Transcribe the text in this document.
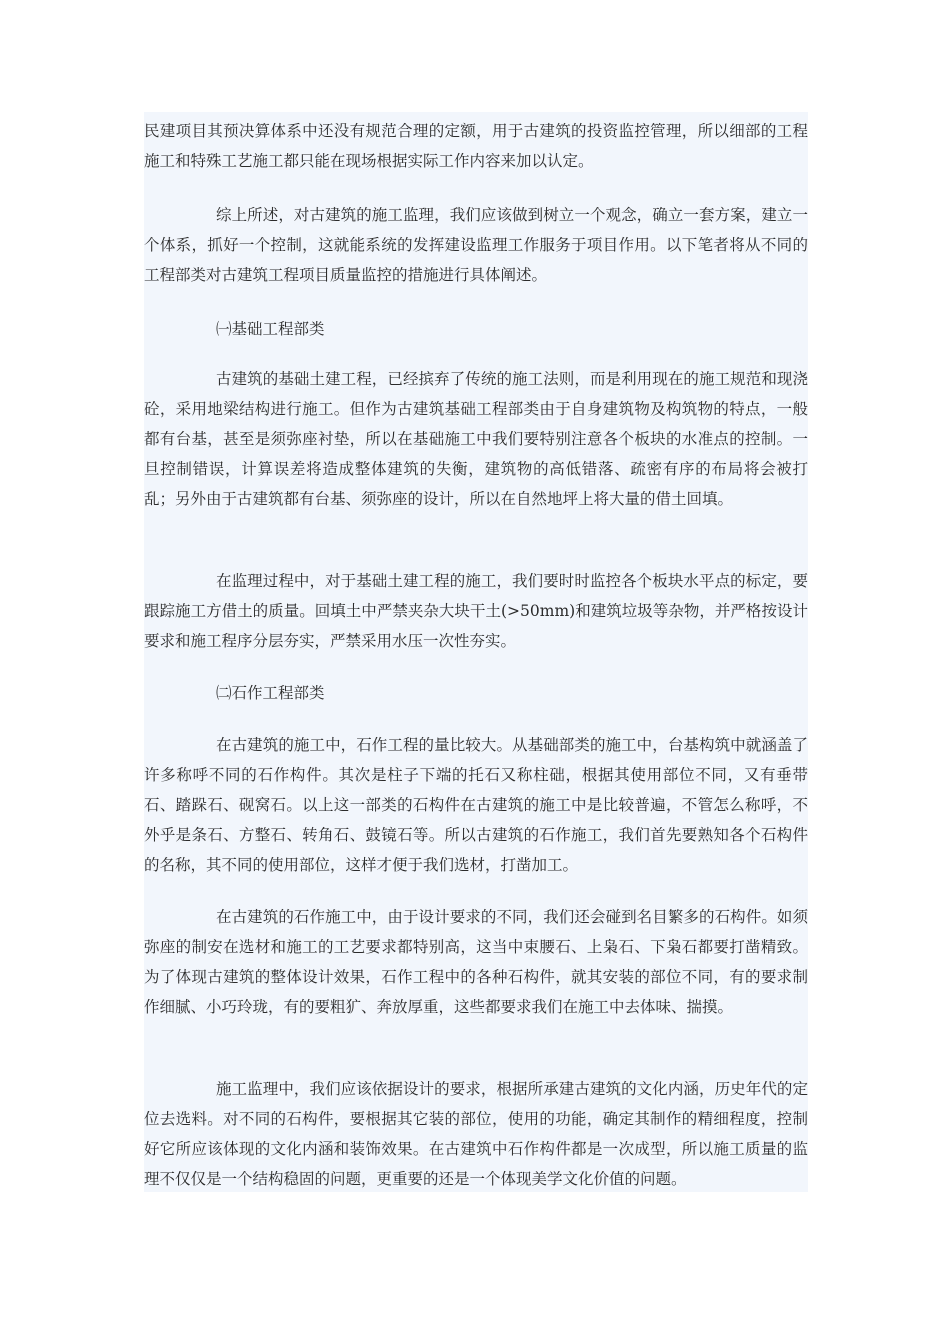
民建项目其预决算体系中还没有规范合理的定额，用于古建筑的投资监控管理，所以细部的工程施工和特殊工艺施工都只能在现场根据实际工作内容来加以认定。

综上所述，对古建筑的施工监理，我们应该做到树立一个观念，确立一套方案，建立一个体系，抓好一个控制，这就能系统的发挥建设监理工作服务于项目作用。以下笔者将从不同的工程部类对古建筑工程项目质量监控的措施进行具体阐述。

㈠基础工程部类

古建筑的基础土建工程，已经摈弃了传统的施工法则，而是利用现在的施工规范和现浇砼，采用地梁结构进行施工。但作为古建筑基础工程部类由于自身建筑物及构筑物的特点，一般都有台基，甚至是须弥座衬垫，所以在基础施工中我们要特别注意各个板块的水准点的控制。一旦控制错误，计算误差将造成整体建筑的失衡，建筑物的高低错落、疏密有序的布局将会被打乱；另外由于古建筑都有台基、须弥座的设计，所以在自然地坪上将大量的借土回填。

在监理过程中，对于基础土建工程的施工，我们要时时监控各个板块水平点的标定，要跟踪施工方借土的质量。回填土中严禁夹杂大块干土(>50mm)和建筑垃圾等杂物，并严格按设计要求和施工程序分层夯实，严禁采用水压一次性夯实。

㈡石作工程部类

在古建筑的施工中，石作工程的量比较大。从基础部类的施工中，台基构筑中就涵盖了许多称呼不同的石作构件。其次是柱子下端的托石又称柱础，根据其使用部位不同，又有垂带石、踏跺石、砚窝石。以上这一部类的石构件在古建筑的施工中是比较普遍，不管怎么称呼，不外乎是条石、方整石、转角石、鼓镜石等。所以古建筑的石作施工，我们首先要熟知各个石构件的名称，其不同的使用部位，这样才便于我们选材，打凿加工。

在古建筑的石作施工中，由于设计要求的不同，我们还会碰到名目繁多的石构件。如须弥座的制安在选材和施工的工艺要求都特别高，这当中束腰石、上枭石、下枭石都要打凿精致。为了体现古建筑的整体设计效果，石作工程中的各种石构件，就其安装的部位不同，有的要求制作细腻、小巧玲珑，有的要粗犷、奔放厚重，这些都要求我们在施工中去体味、揣摸。

施工监理中，我们应该依据设计的要求，根据所承建古建筑的文化内涵，历史年代的定位去选料。对不同的石构件，要根据其它装的部位，使用的功能，确定其制作的精细程度，控制好它所应该体现的文化内涵和装饰效果。在古建筑中石作构件都是一次成型，所以施工质量的监理不仅仅是一个结构稳固的问题，更重要的还是一个体现美学文化价值的问题。
